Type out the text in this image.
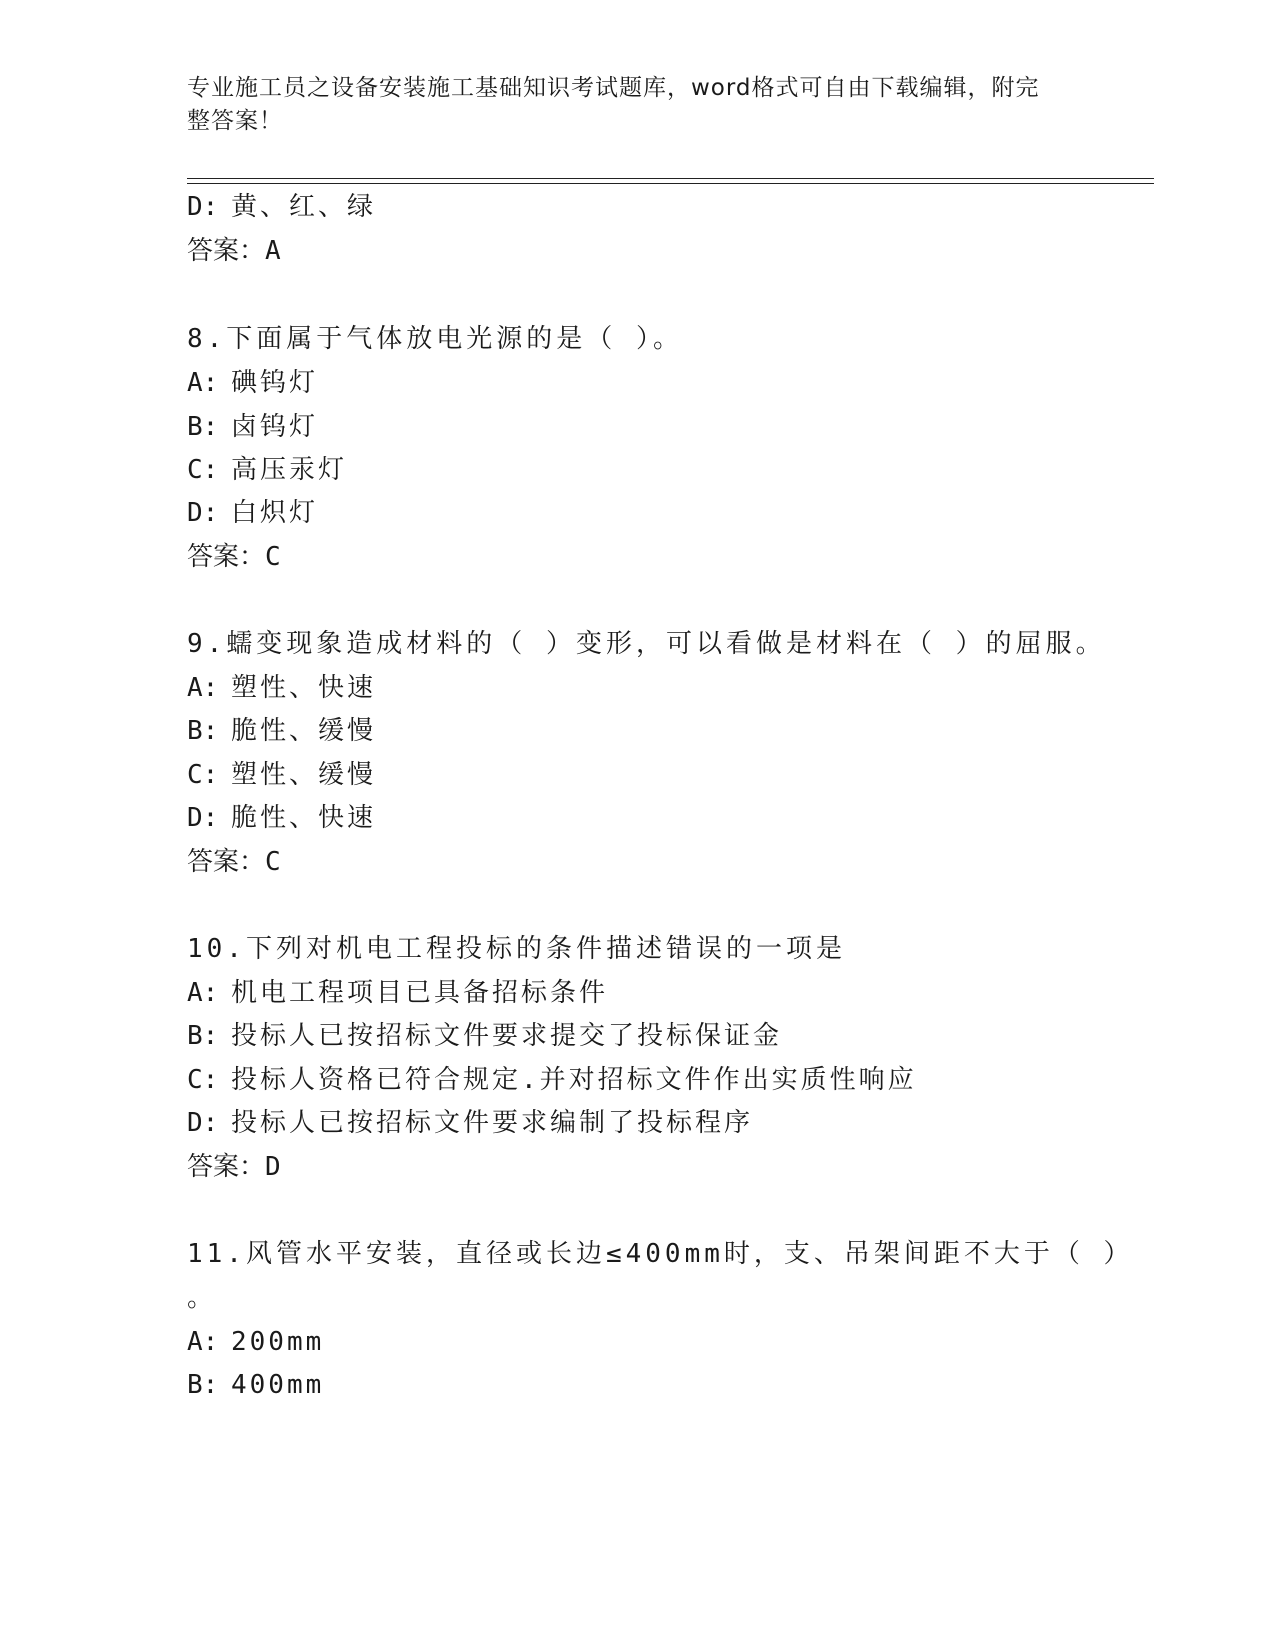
专业施工员之设备安装施工基础知识考试题库，word格式可自由下载编辑，附完
整答案！
D: 黄、红、绿
答案：A
8.下面属于气体放电光源的是（ ）。
A: 碘钨灯
B: 卤钨灯
C: 高压汞灯
D: 白炽灯
答案：C
9.蠕变现象造成材料的（ ）变形，可以看做是材料在（ ）的屈服。
A: 塑性、快速
B: 脆性、缓慢
C: 塑性、缓慢
D: 脆性、快速
答案：C
10.下列对机电工程投标的条件描述错误的一项是
A: 机电工程项目已具备招标条件
B: 投标人已按招标文件要求提交了投标保证金
C: 投标人资格已符合规定.并对招标文件作出实质性响应
D: 投标人已按招标文件要求编制了投标程序
答案：D
11.风管水平安装，直径或长边≤400mm时，支、吊架间距不大于（ ）
。
A: 200mm
B: 400mm
